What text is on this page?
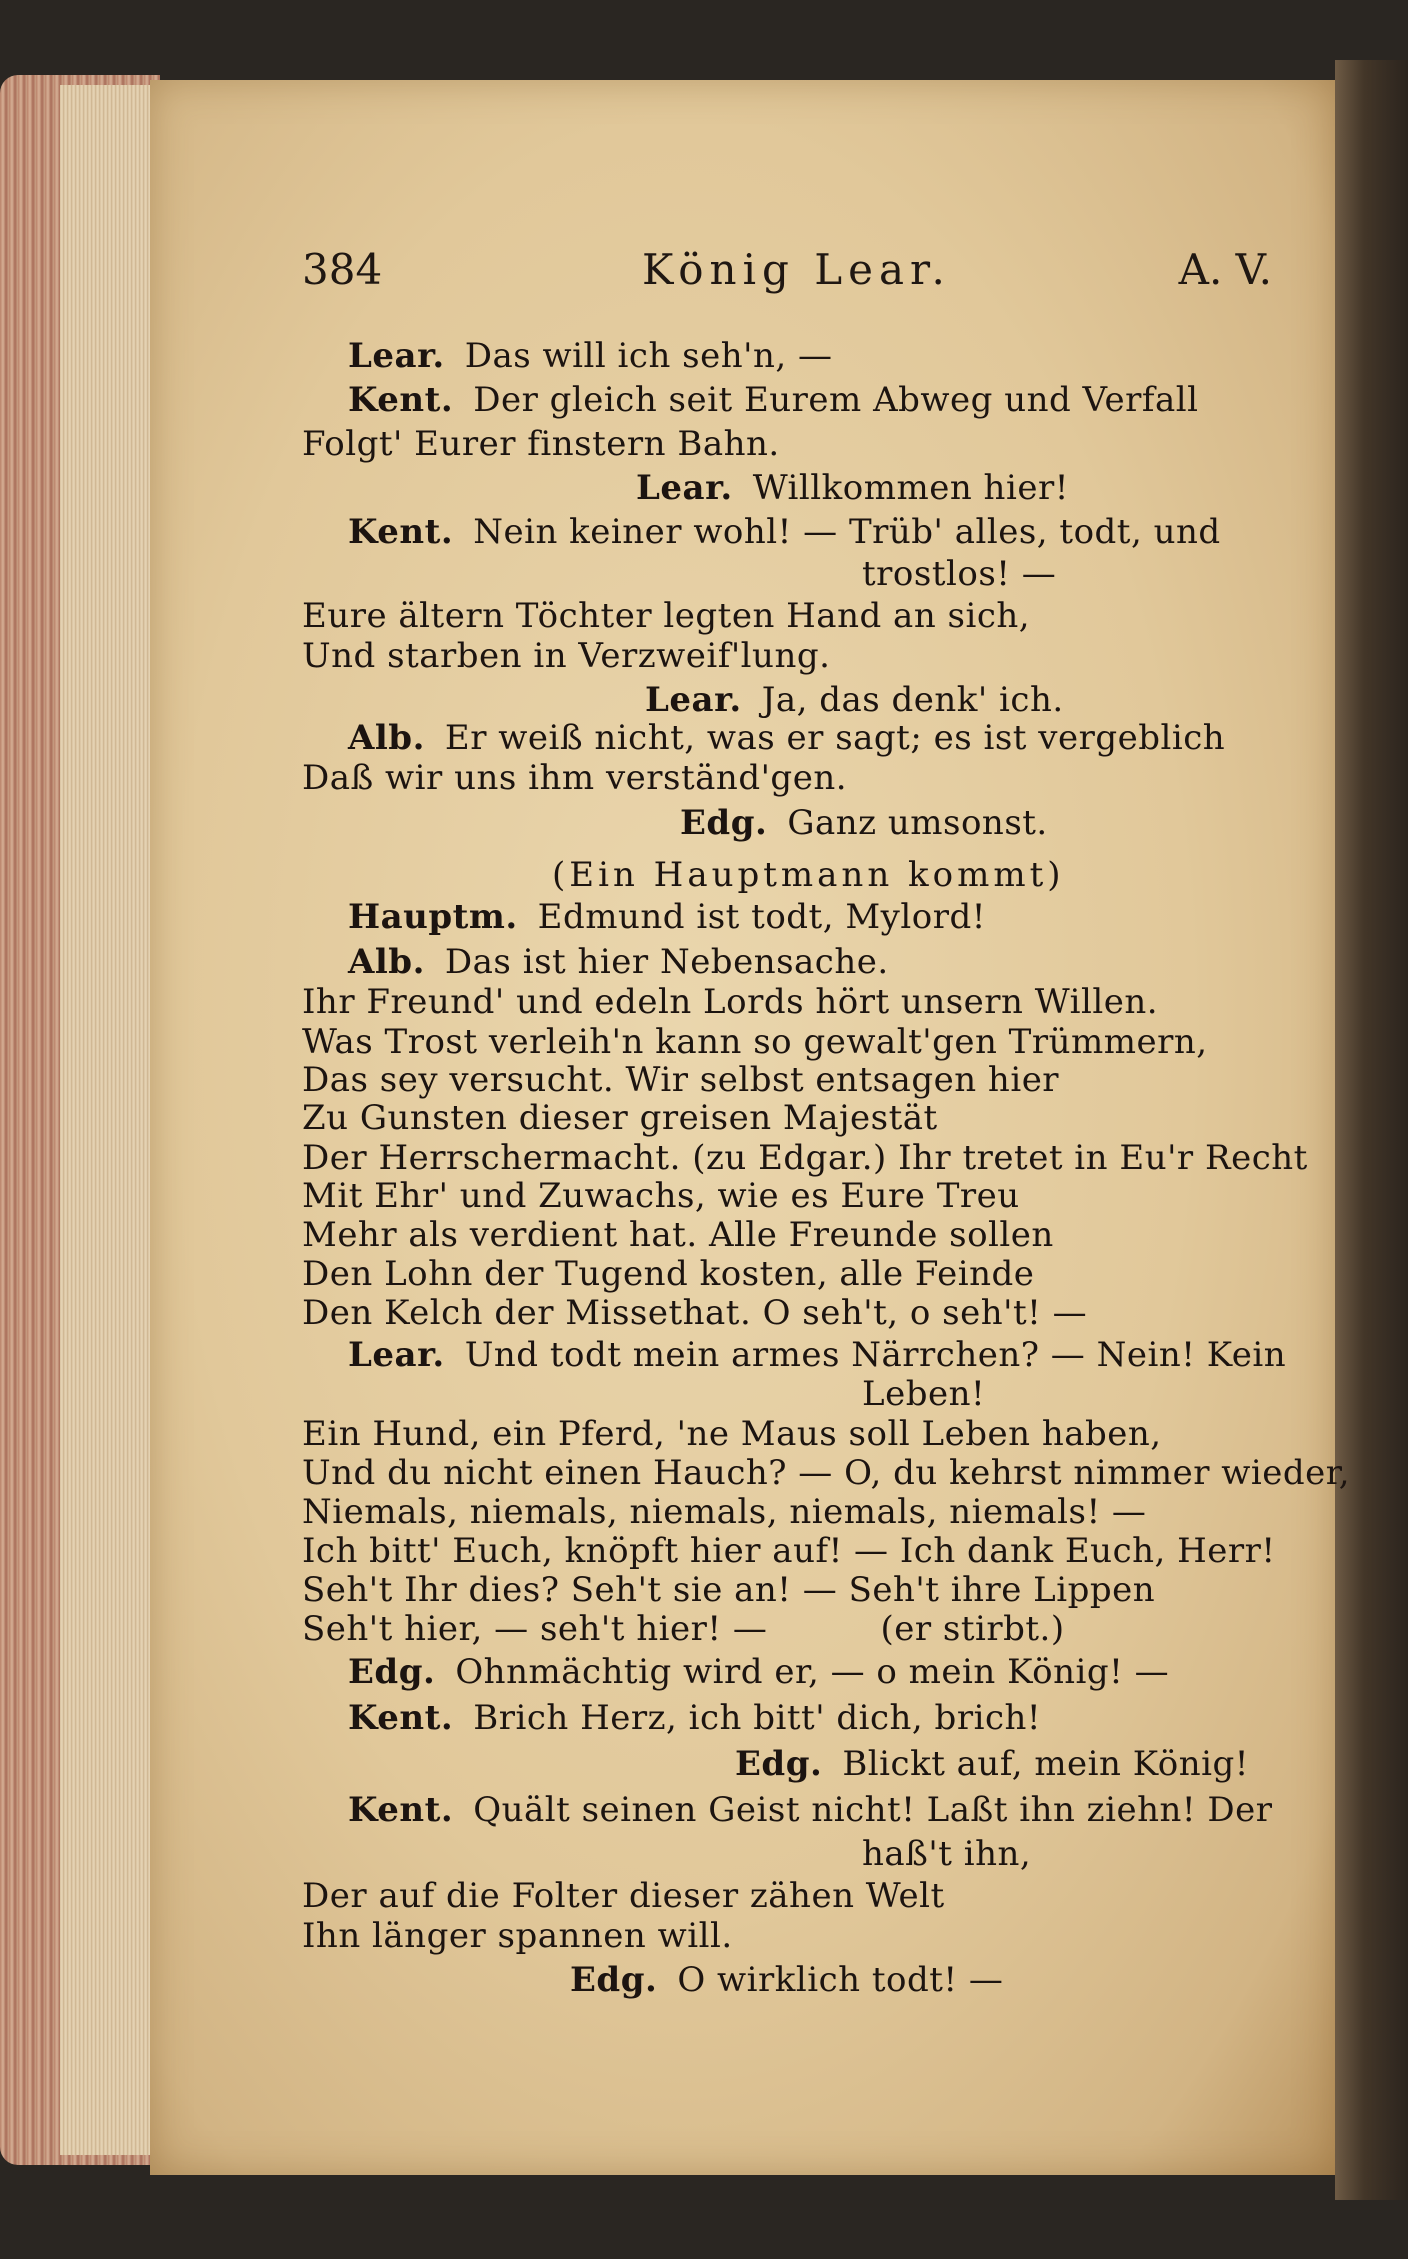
384	König Lear.	A. V.
Lear. Das will ich seh'n, —
Kent. Der gleich seit Eurem Abweg und Verfall
Folgt' Eurer finstern Bahn.
Lear. Willkommen hier!
Kent. Nein keiner wohl! — Trüb' alles, todt, und
trostlos! —
Eure ältern Töchter legten Hand an sich,
Und starben in Verzweif'lung.
Lear. Ja, das denk' ich.
Alb. Er weiß nicht, was er sagt; es ist vergeblich
Daß wir uns ihm verständ'gen.
Edg. Ganz umsonst.
(Ein Hauptmann kommt)
Hauptm. Edmund ist todt, Mylord!
Alb. Das ist hier Nebensache.
Ihr Freund' und edeln Lords hört unsern Willen.
Was Trost verleih'n kann so gewalt'gen Trümmern,
Das sey versucht. Wir selbst entsagen hier
Zu Gunsten dieser greisen Majestät
Der Herrschermacht. (zu Edgar.) Ihr tretet in Eu'r Recht
Mit Ehr' und Zuwachs, wie es Eure Treu
Mehr als verdient hat. Alle Freunde sollen
Den Lohn der Tugend kosten, alle Feinde
Den Kelch der Missethat. O seh't, o seh't! —
Lear. Und todt mein armes Närrchen? — Nein! Kein
Leben!
Ein Hund, ein Pferd, 'ne Maus soll Leben haben,
Und du nicht einen Hauch? — O, du kehrst nimmer wieder,
Niemals, niemals, niemals, niemals, niemals! —
Ich bitt' Euch, knöpft hier auf! — Ich dank Euch, Herr!
Seh't Ihr dies? Seh't sie an! — Seh't ihre Lippen
Seh't hier, — seh't hier! —          (er stirbt.)
Edg. Ohnmächtig wird er, — o mein König! —
Kent. Brich Herz, ich bitt' dich, brich!
Edg. Blickt auf, mein König!
Kent. Quält seinen Geist nicht! Laßt ihn ziehn! Der
haß't ihn,
Der auf die Folter dieser zähen Welt
Ihn länger spannen will.
Edg. O wirklich todt! —
